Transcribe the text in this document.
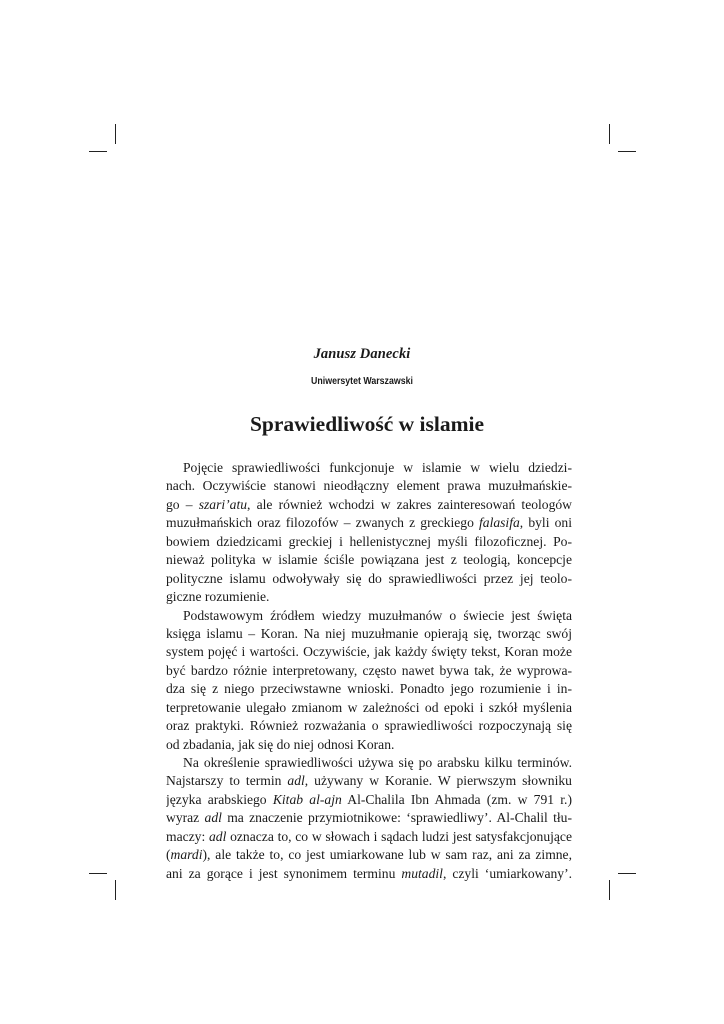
Janusz Danecki
Uniwersytet Warszawski
Sprawiedliwość w islamie
Pojęcie sprawiedliwości funkcjonuje w islamie w wielu dziedzi-
nach. Oczywiście stanowi nieodłączny element prawa muzułmańskie-
go – szari’atu, ale również wchodzi w zakres zainteresowań teologów
muzułmańskich oraz filozofów – zwanych z greckiego falasifa, byli oni
bowiem dziedzicami greckiej i hellenistycznej myśli filozoficznej. Po-
nieważ polityka w islamie ściśle powiązana jest z teologią, koncepcje
polityczne islamu odwoływały się do sprawiedliwości przez jej teolo-
giczne rozumienie.
Podstawowym źródłem wiedzy muzułmanów o świecie jest święta
księga islamu – Koran. Na niej muzułmanie opierają się, tworząc swój
system pojęć i wartości. Oczywiście, jak każdy święty tekst, Koran może
być bardzo różnie interpretowany, często nawet bywa tak, że wyprowa-
dza się z niego przeciwstawne wnioski. Ponadto jego rozumienie i in-
terpretowanie ulegało zmianom w zależności od epoki i szkół myślenia
oraz praktyki. Również rozważania o sprawiedliwości rozpoczynają się
od zbadania, jak się do niej odnosi Koran.
Na określenie sprawiedliwości używa się po arabsku kilku terminów.
Najstarszy to termin adl, używany w Koranie. W pierwszym słowniku
języka arabskiego Kitab al-ajn Al-Chalila Ibn Ahmada (zm. w 791 r.)
wyraz adl ma znaczenie przymiotnikowe: ‘sprawiedliwy’. Al-Chalil tłu-
maczy: adl oznacza to, co w słowach i sądach ludzi jest satysfakcjonujące
(mardi), ale także to, co jest umiarkowane lub w sam raz, ani za zimne,
ani za gorące i jest synonimem terminu mutadil, czyli ‘umiarkowany’.
